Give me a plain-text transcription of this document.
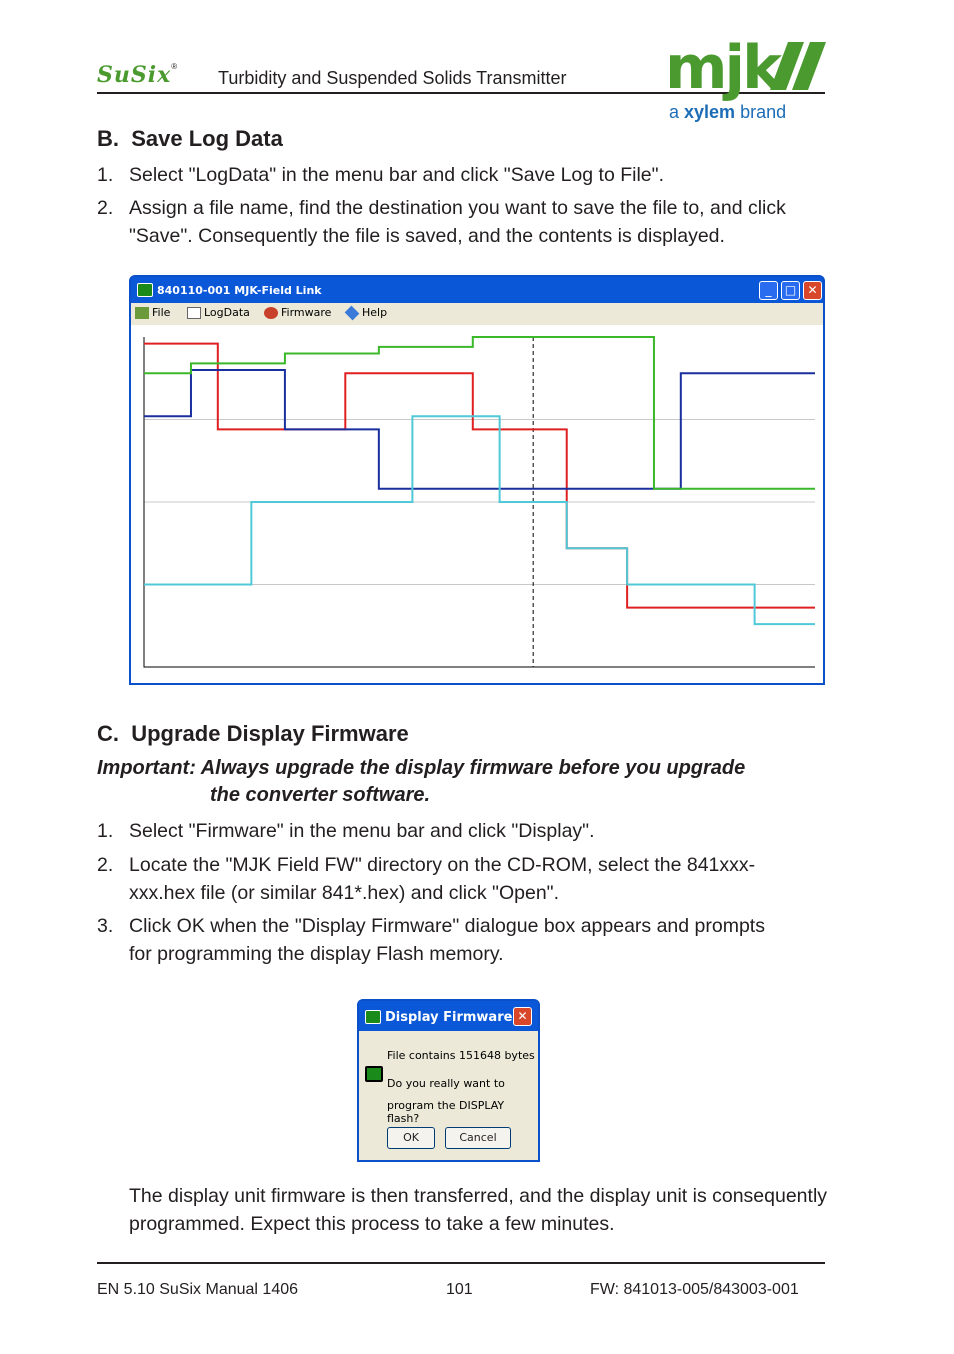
SuSix®
Turbidity and Suspended Solids Transmitter mjk
a xylem brand
B.  Save Log Data
1. Select "LogData" in the menu bar and click "Save Log to File".
2. Assign a file name, find the destination you want to save the file to, and click "Save". Consequently the file is saved, and the contents is displayed.
840110-001 MJK-Field Link	_	□ ✕
File	LogData	Firmware	Help
C.  Upgrade Display Firmware
Important: Always upgrade the display firmware before you upgrade
the converter software.
1. Select "Firmware" in the menu bar and click "Display".
2. Locate the "MJK Field FW" directory on the CD-ROM, select the 841xxx-xxx.hex file (or similar 841*.hex) and click "Open".
3. Click OK when the "Display Firmware" dialogue box appears and prompts for programming the display Flash memory.
Display Firmware ✕
File contains 151648 bytes
Do you really want to
program the DISPLAY flash?
OK	Cancel
The display unit firmware is then transferred, and the display unit is consequently programmed. Expect this process to take a few minutes.
EN 5.10 SuSix Manual 1406	101	FW: 841013-005/843003-001
